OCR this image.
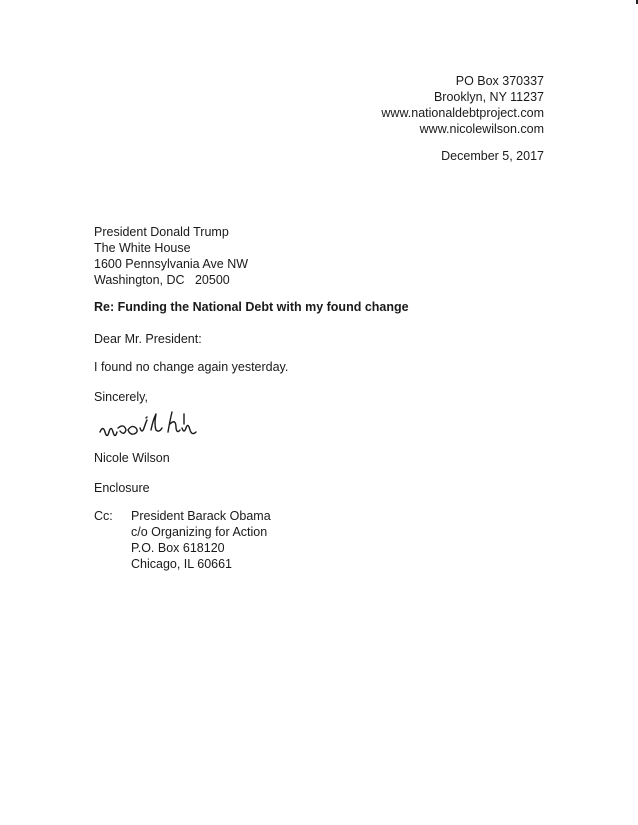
PO Box 370337
Brooklyn, NY 11237
www.nationaldebtproject.com
www.nicolewilson.com
December 5, 2017
President Donald Trump
The White House
1600 Pennsylvania Ave NW
Washington, DC   20500
Re: Funding the National Debt with my found change
Dear Mr. President:
I found no change again yesterday.
Sincerely,
Nicole Wilson
Enclosure
Cc: President Barack Obama
c/o Organizing for Action
P.O. Box 618120
Chicago, IL 60661
